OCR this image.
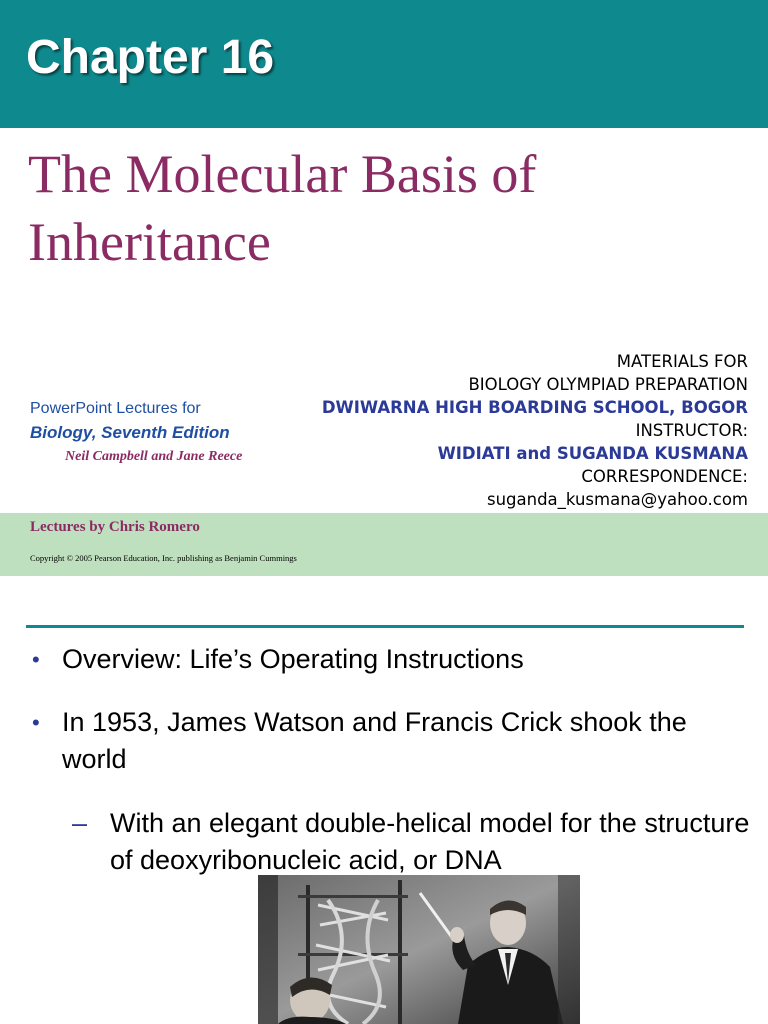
Chapter 16
The Molecular Basis of
Inheritance
MATERIALS FOR
BIOLOGY OLYMPIAD PREPARATION
DWIWARNA HIGH BOARDING SCHOOL, BOGOR
INSTRUCTOR:
WIDIATI and SUGANDA KUSMANA
CORRESPONDENCE:
suganda_kusmana@yahoo.com
PowerPoint Lectures for
Biology, Seventh Edition
Neil Campbell and Jane Reece
Lectures by Chris Romero
Copyright © 2005 Pearson Education, Inc. publishing as Benjamin Cummings
• Overview: Life’s Operating Instructions
• In 1953, James Watson and Francis Crick shook the world
– With an elegant double-helical model for the structure of deoxyribonucleic acid, or DNA
